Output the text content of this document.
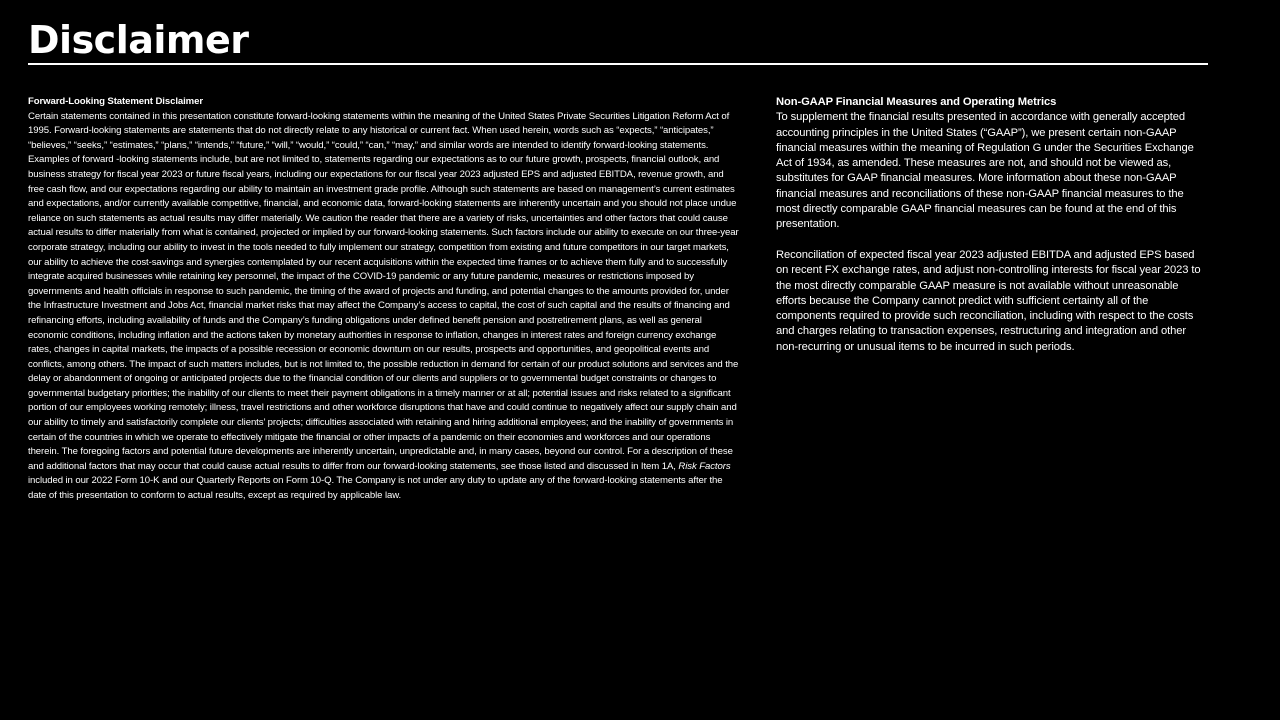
Disclaimer
Forward-Looking Statement Disclaimer
Certain statements contained in this presentation constitute forward-looking statements within the meaning of the United States Private Securities Litigation Reform Act of 1995. Forward-looking statements are statements that do not directly relate to any historical or current fact. When used herein, words such as “expects,” “anticipates,” “believes,” “seeks,” “estimates,” “plans,” “intends,” “future,” “will,” “would,” “could,” “can,” “may,” and similar words are intended to identify forward-looking statements. Examples of forward -looking statements include, but are not limited to, statements regarding our expectations as to our future growth, prospects, financial outlook, and business strategy for fiscal year 2023 or future fiscal years, including our expectations for our fiscal year 2023 adjusted EPS and adjusted EBITDA, revenue growth, and free cash flow, and our expectations regarding our ability to maintain an investment grade profile. Although such statements are based on management’s current estimates and expectations, and/or currently available competitive, financial, and economic data, forward-looking statements are inherently uncertain and you should not place undue reliance on such statements as actual results may differ materially. We caution the reader that there are a variety of risks, uncertainties and other factors that could cause actual results to differ materially from what is contained, projected or implied by our forward-looking statements. Such factors include our ability to execute on our three-year corporate strategy, including our ability to invest in the tools needed to fully implement our strategy, competition from existing and future competitors in our target markets, our ability to achieve the cost-savings and synergies contemplated by our recent acquisitions within the expected time frames or to achieve them fully and to successfully integrate acquired businesses while retaining key personnel, the impact of the COVID-19 pandemic or any future pandemic, measures or restrictions imposed by governments and health officials in response to such pandemic, the timing of the award of projects and funding, and potential changes to the amounts provided for, under the Infrastructure Investment and Jobs Act, financial market risks that may affect the Company’s access to capital, the cost of such capital and the results of financing and refinancing efforts, including availability of funds and the Company’s funding obligations under defined benefit pension and postretirement plans, as well as general economic conditions, including inflation and the actions taken by monetary authorities in response to inflation, changes in interest rates and foreign currency exchange rates, changes in capital markets, the impacts of a possible recession or economic downturn on our results, prospects and opportunities, and geopolitical events and conflicts, among others. The impact of such matters includes, but is not limited to, the possible reduction in demand for certain of our product solutions and services and the delay or abandonment of ongoing or anticipated projects due to the financial condition of our clients and suppliers or to governmental budget constraints or changes to governmental budgetary priorities; the inability of our clients to meet their payment obligations in a timely manner or at all; potential issues and risks related to a significant portion of our employees working remotely; illness, travel restrictions and other workforce disruptions that have and could continue to negatively affect our supply chain and our ability to timely and satisfactorily complete our clients’ projects; difficulties associated with retaining and hiring additional employees; and the inability of governments in certain of the countries in which we operate to effectively mitigate the financial or other impacts of a pandemic on their economies and workforces and our operations therein. The foregoing factors and potential future developments are inherently uncertain, unpredictable and, in many cases, beyond our control. For a description of these and additional factors that may occur that could cause actual results to differ from our forward-looking statements, see those listed and discussed in Item 1A, Risk Factors included in our 2022 Form 10-K and our Quarterly Reports on Form 10-Q. The Company is not under any duty to update any of the forward-looking statements after the date of this presentation to conform to actual results, except as required by applicable law.

Non-GAAP Financial Measures and Operating Metrics
To supplement the financial results presented in accordance with generally accepted accounting principles in the United States (“GAAP”), we present certain non-GAAP financial measures within the meaning of Regulation G under the Securities Exchange Act of 1934, as amended. These measures are not, and should not be viewed as, substitutes for GAAP financial measures. More information about these non-GAAP financial measures and reconciliations of these non-GAAP financial measures to the most directly comparable GAAP financial measures can be found at the end of this presentation.

Reconciliation of expected fiscal year 2023 adjusted EBITDA and adjusted EPS based on recent FX exchange rates, and adjust non-controlling interests for fiscal year 2023 to the most directly comparable GAAP measure is not available without unreasonable efforts because the Company cannot predict with sufficient certainty all of the components required to provide such reconciliation, including with respect to the costs and charges relating to transaction expenses, restructuring and integration and other non-recurring or unusual items to be incurred in such periods.
